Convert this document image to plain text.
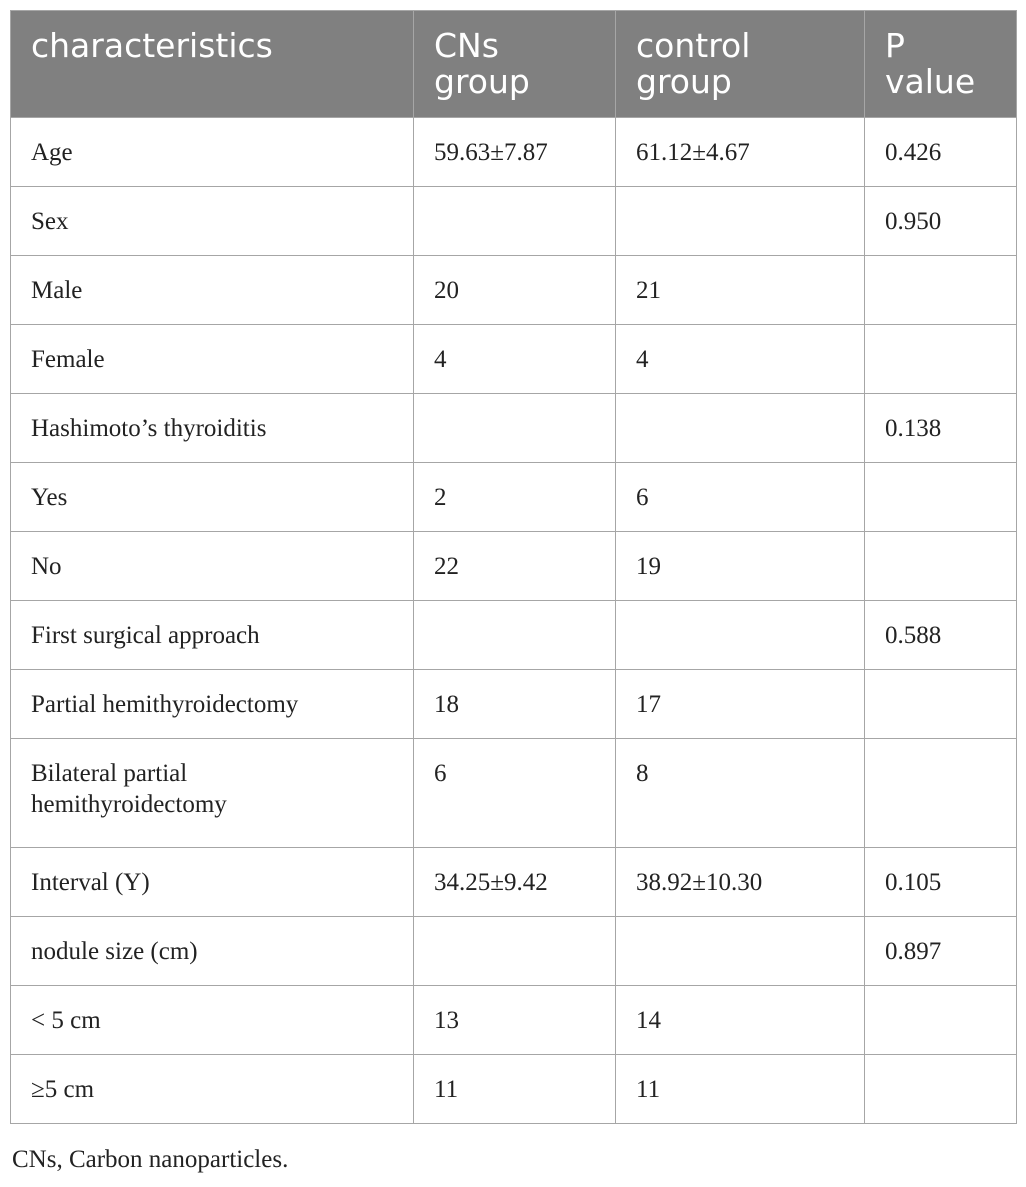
characteristics	CNs group	control group	P value
Age	59.63±7.87	61.12±4.67	0.426
Sex			0.950
Male	20	21	
Female	4	4	
Hashimoto’s thyroiditis			0.138
Yes	2	6	
No	22	19	
First surgical approach			0.588
Partial hemithyroidectomy	18	17	
Bilateral partial hemithyroidectomy	6	8	
Interval (Y)	34.25±9.42	38.92±10.30	0.105
nodule size (cm)			0.897
< 5 cm	13	14	
≥5 cm	11	11	
CNs, Carbon nanoparticles.
